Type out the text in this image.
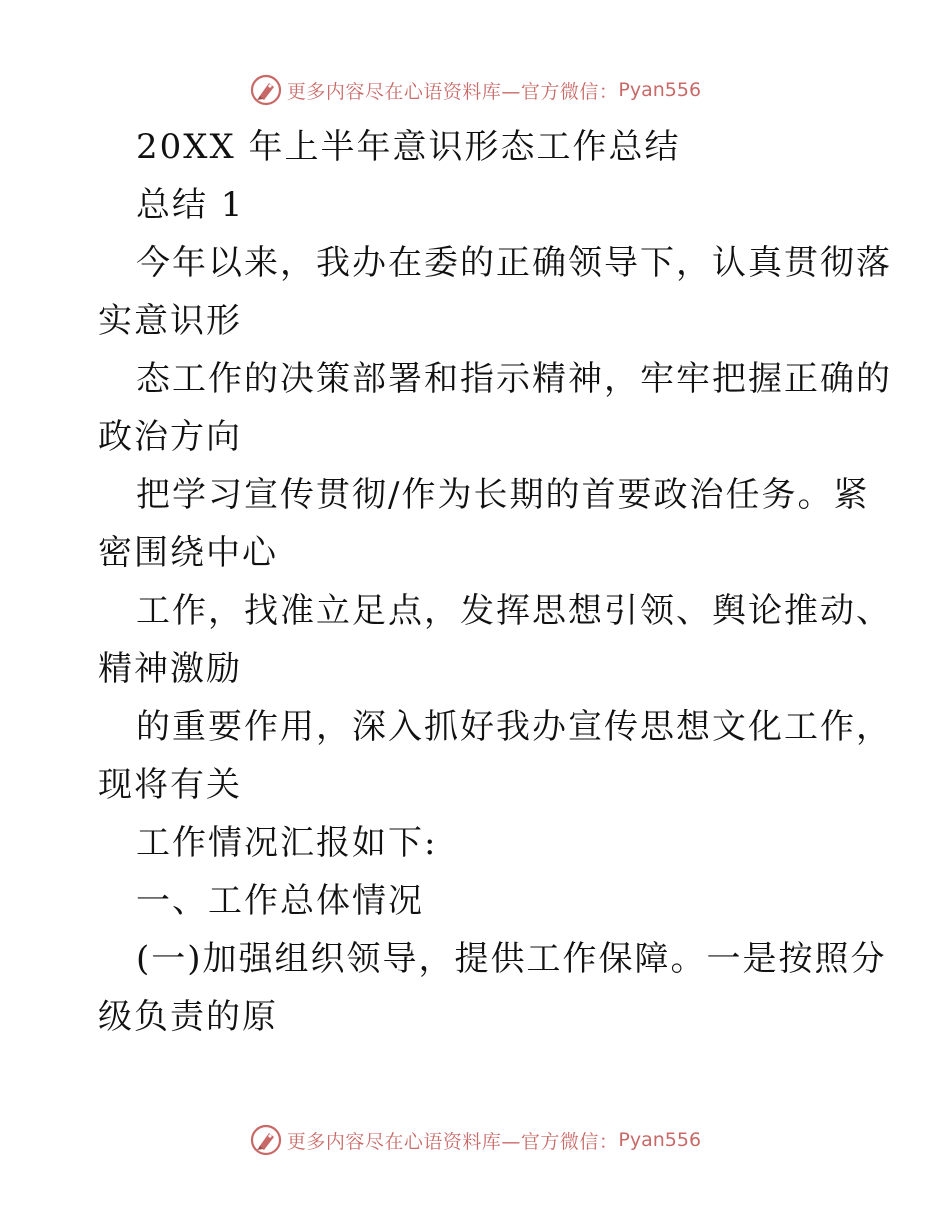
更多内容尽在心语资料库—官方微信： Pyan556
20XX 年上半年意识形态工作总结
总结 1
今年以来，我办在委的正确领导下，认真贯彻落
实意识形
态工作的决策部署和指示精神，牢牢把握正确的
政治方向
把学习宣传贯彻/作为长期的首要政治任务。紧
密围绕中心
工作，找准立足点，发挥思想引领、舆论推动、
精神激励
的重要作用，深入抓好我办宣传思想文化工作，
现将有关
工作情况汇报如下:
一、工作总体情况
(一)加强组织领导，提供工作保障。一是按照分
级负责的原
更多内容尽在心语资料库—官方微信： Pyan556
